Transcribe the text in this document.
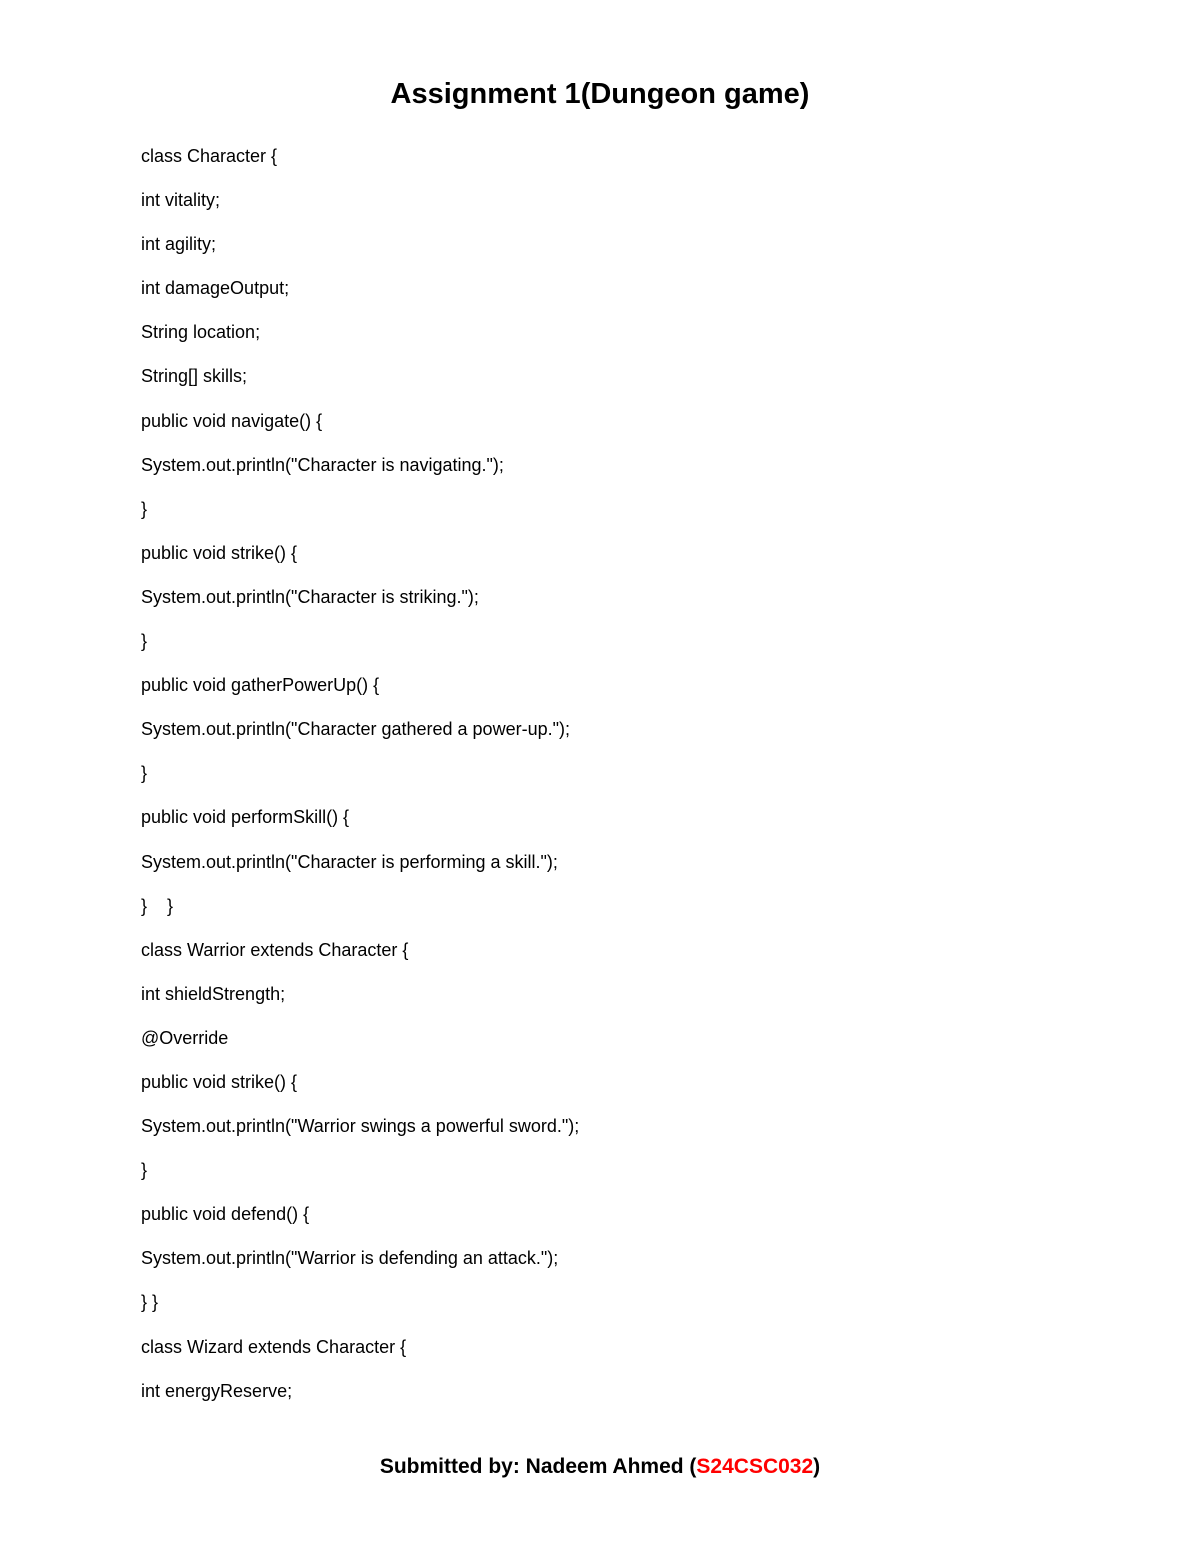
Assignment 1(Dungeon game)
class Character {
int vitality;
int agility;
int damageOutput;
String location;
String[] skills;
public void navigate() {
System.out.println("Character is navigating.");
}
public void strike() {
System.out.println("Character is striking.");
}
public void gatherPowerUp() {
System.out.println("Character gathered a power-up.");
}
public void performSkill() {
System.out.println("Character is performing a skill.");
}    }
class Warrior extends Character {
int shieldStrength;
@Override
public void strike() {
System.out.println("Warrior swings a powerful sword.");
}
public void defend() {
System.out.println("Warrior is defending an attack.");
} }
class Wizard extends Character {
int energyReserve;
Submitted by: Nadeem Ahmed (S24CSC032)
